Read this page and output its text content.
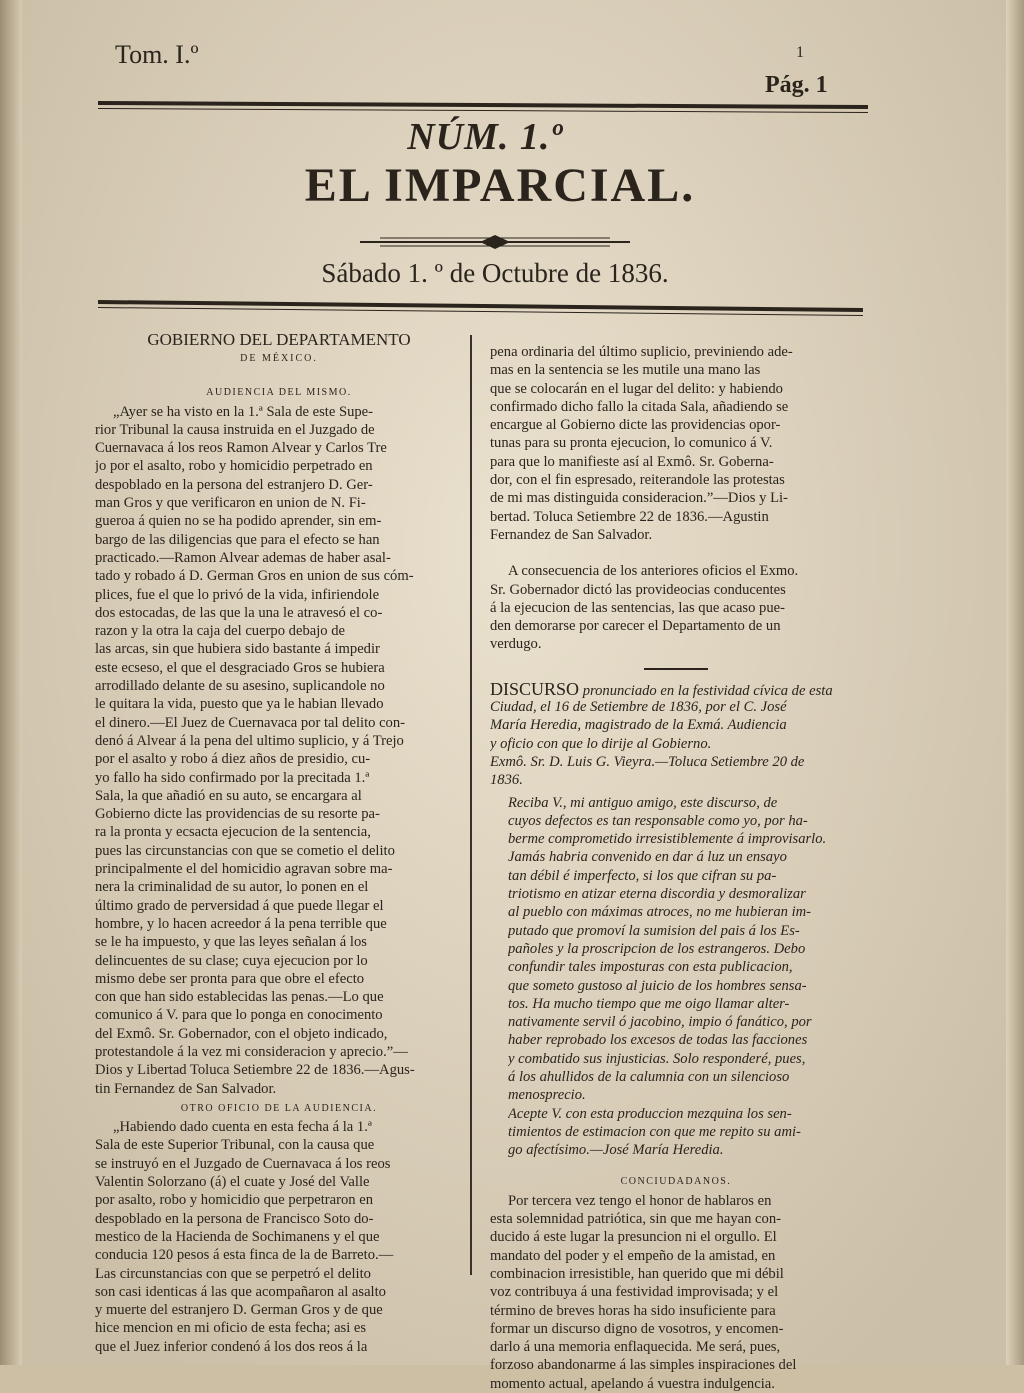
Tom. I.º	1
Pág. 1
NÚM. 1.º
EL IMPARCIAL.
Sábado 1. º de Octubre de 1836.
GOBIERNO DEL DEPARTAMENTO
DE MÉXICO.
AUDIENCIA DEL MISMO.
„Ayer se ha visto en la 1.ª Sala de este Supe-
rior Tribunal la causa instruida en el Juzgado de
Cuernavaca á los reos Ramon Alvear y Carlos Tre
jo por el asalto, robo y homicidio perpetrado en
despoblado en la persona del estranjero D. Ger-
man Gros y que verificaron en union de N. Fi-
gueroa á quien no se ha podido aprender, sin em-
bargo de las diligencias que para el efecto se han
practicado.—Ramon Alvear ademas de haber asal-
tado y robado á D. German Gros en union de sus cóm-
plices, fue el que lo privó de la vida, infiriendole
dos estocadas, de las que la una le atravesó el co-
razon y la otra la caja del cuerpo debajo de
las arcas, sin que hubiera sido bastante á impedir
este ecseso, el que el desgraciado Gros se hubiera
arrodillado delante de su asesino, suplicandole no
le quitara la vida, puesto que ya le habian llevado
el dinero.—El Juez de Cuernavaca por tal delito con-
denó á Alvear á la pena del ultimo suplicio, y á Trejo
por el asalto y robo á diez años de presidio, cu-
yo fallo ha sido confirmado por la precitada 1.ª
Sala, la que añadió en su auto, se encargara al
Gobierno dicte las providencias de su resorte pa-
ra la pronta y ecsacta ejecucion de la sentencia,
pues las circunstancias con que se cometio el delito
principalmente el del homicidio agravan sobre ma-
nera la criminalidad de su autor, lo ponen en el
último grado de perversidad á que puede llegar el
hombre, y lo hacen acreedor á la pena terrible que
se le ha impuesto, y que las leyes señalan á los
delincuentes de su clase; cuya ejecucion por lo
mismo debe ser pronta para que obre el efecto
con que han sido establecidas las penas.—Lo que
comunico á V. para que lo ponga en conocimento
del Exmô. Sr. Gobernador, con el objeto indicado,
protestandole á la vez mi consideracion y aprecio.”—
Dios y Libertad Toluca Setiembre 22 de 1836.—Agus-
tin Fernandez de San Salvador.
OTRO OFICIO DE LA AUDIENCIA.
„Habiendo dado cuenta en esta fecha á la 1.ª
Sala de este Superior Tribunal, con la causa que
se instruyó en el Juzgado de Cuernavaca á los reos
Valentin Solorzano (á) el cuate y José del Valle
por asalto, robo y homicidio que perpetraron en
despoblado en la persona de Francisco Soto do-
mestico de la Hacienda de Sochimanens y el que
conducia 120 pesos á esta finca de la de Barreto.—
Las circunstancias con que se perpetró el delito
son casi identicas á las que acompañaron al asalto
y muerte del estranjero D. German Gros y de que
hice mencion en mi oficio de esta fecha; asi es
que el Juez inferior condenó á los dos reos á la
pena ordinaria del último suplicio, previniendo ade-
mas en la sentencia se les mutile una mano las
que se colocarán en el lugar del delito: y habiendo
confirmado dicho fallo la citada Sala, añadiendo se
encargue al Gobierno dicte las providencias opor-
tunas para su pronta ejecucion, lo comunico á V.
para que lo manifieste así al Exmô. Sr. Goberna-
dor, con el fin espresado, reiterandole las protestas
de mi mas distinguida consideracion.”—Dios y Li-
bertad. Toluca Setiembre 22 de 1836.—Agustin
Fernandez de San Salvador.
A consecuencia de los anteriores oficios el Exmo.
Sr. Gobernador dictó las provideocias conducentes
á la ejecucion de las sentencias, las que acaso pue-
den demorarse por carecer el Departamento de un
verdugo.
DISCURSO pronunciado en la festividad cívica de esta
Ciudad, el 16 de Setiembre de 1836, por el C. José
María Heredia, magistrado de la Exmá. Audiencia
y oficio con que lo dirije al Gobierno.
Exmô. Sr. D. Luis G. Vieyra.—Toluca Setiembre 20 de
1836.
Reciba V., mi antiguo amigo, este discurso, de
cuyos defectos es tan responsable como yo, por ha-
berme comprometido irresistiblemente á improvisarlo.
Jamás habria convenido en dar á luz un ensayo
tan débil é imperfecto, si los que cifran su pa-
triotismo en atizar eterna discordia y desmoralizar
al pueblo con máximas atroces, no me hubieran im-
putado que promoví la sumision del pais á los Es-
pañoles y la proscripcion de los estrangeros. Debo
confundir tales imposturas con esta publicacion,
que someto gustoso al juicio de los hombres sensa-
tos. Ha mucho tiempo que me oigo llamar alter-
nativamente servil ó jacobino, impio ó fanático, por
haber reprobado los excesos de todas las facciones
y combatido sus injusticias. Solo responderé, pues,
á los ahullidos de la calumnia con un silencioso
menosprecio.
Acepte V. con esta produccion mezquina los sen-
timientos de estimacion con que me repito su ami-
go afectísimo.—José María Heredia.
CONCIUDADANOS.
Por tercera vez tengo el honor de hablaros en
esta solemnidad patriótica, sin que me hayan con-
ducido á este lugar la presuncion ni el orgullo. El
mandato del poder y el empeño de la amistad, en
combinacion irresistible, han querido que mi débil
voz contribuya á una festividad improvisada; y el
término de breves horas ha sido insuficiente para
formar un discurso digno de vosotros, y encomen-
darlo á una memoria enflaquecida. Me será, pues,
forzoso abandonarme á las simples inspiraciones del
momento actual, apelando á vuestra indulgencia.
